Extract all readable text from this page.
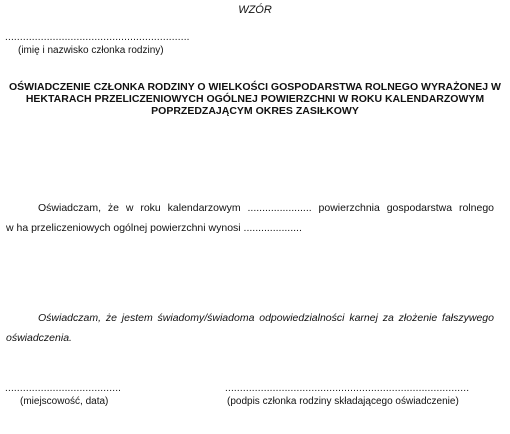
WZÓR
..............................................................
(imię i nazwisko członka rodziny)
OŚWIADCZENIE CZŁONKA RODZINY O WIELKOŚCI GOSPODARSTWA ROLNEGO WYRAŻONEJ W HEKTARACH PRZELICZENIOWYCH OGÓLNEJ POWIERZCHNI W ROKU KALENDARZOWYM POPRZEDZAJĄCYM OKRES ZASIŁKOWY
Oświadczam, że w roku kalendarzowym ...................... powierzchnia gospodarstwa rolnego
w ha przeliczeniowych ogólnej powierzchni wynosi ....................
Oświadczam, że jestem świadomy/świadoma odpowiedzialności karnej za złożenie fałszywego
oświadczenia.
.......................................
(miejscowość, data)
..................................................................................
(podpis członka rodziny składającego oświadczenie)
